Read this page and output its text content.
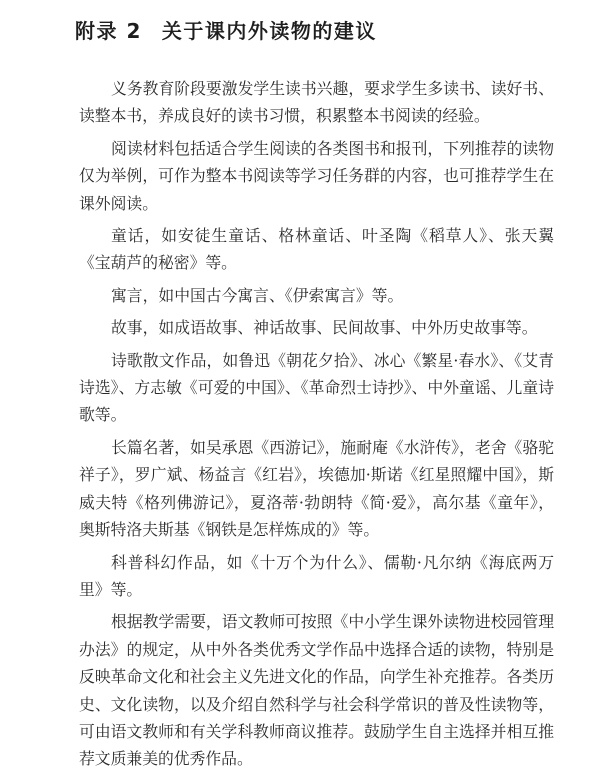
附录 2 关于课内外读物的建议

义务教育阶段要激发学生读书兴趣，要求学生多读书、读好书、读整本书，养成良好的读书习惯，积累整本书阅读的经验。

阅读材料包括适合学生阅读的各类图书和报刊，下列推荐的读物仅为举例，可作为整本书阅读等学习任务群的内容，也可推荐学生在课外阅读。

童话，如安徒生童话、格林童话、叶圣陶《稻草人》、张天翼《宝葫芦的秘密》等。

寓言，如中国古今寓言、《伊索寓言》等。

故事，如成语故事、神话故事、民间故事、中外历史故事等。

诗歌散文作品，如鲁迅《朝花夕拾》、冰心《繁星·春水》、《艾青诗选》、方志敏《可爱的中国》、《革命烈士诗抄》、中外童谣、儿童诗歌等。

长篇名著，如吴承恩《西游记》，施耐庵《水浒传》，老舍《骆驼祥子》，罗广斌、杨益言《红岩》，埃德加·斯诺《红星照耀中国》，斯威夫特《格列佛游记》，夏洛蒂·勃朗特《简·爱》，高尔基《童年》，奥斯特洛夫斯基《钢铁是怎样炼成的》等。

科普科幻作品，如《十万个为什么》、儒勒·凡尔纳《海底两万里》等。

根据教学需要，语文教师可按照《中小学生课外读物进校园管理办法》的规定，从中外各类优秀文学作品中选择合适的读物，特别是反映革命文化和社会主义先进文化的作品，向学生补充推荐。各类历史、文化读物，以及介绍自然科学与社会科学常识的普及性读物等，可由语文教师和有关学科教师商议推荐。鼓励学生自主选择并相互推荐文质兼美的优秀作品。
